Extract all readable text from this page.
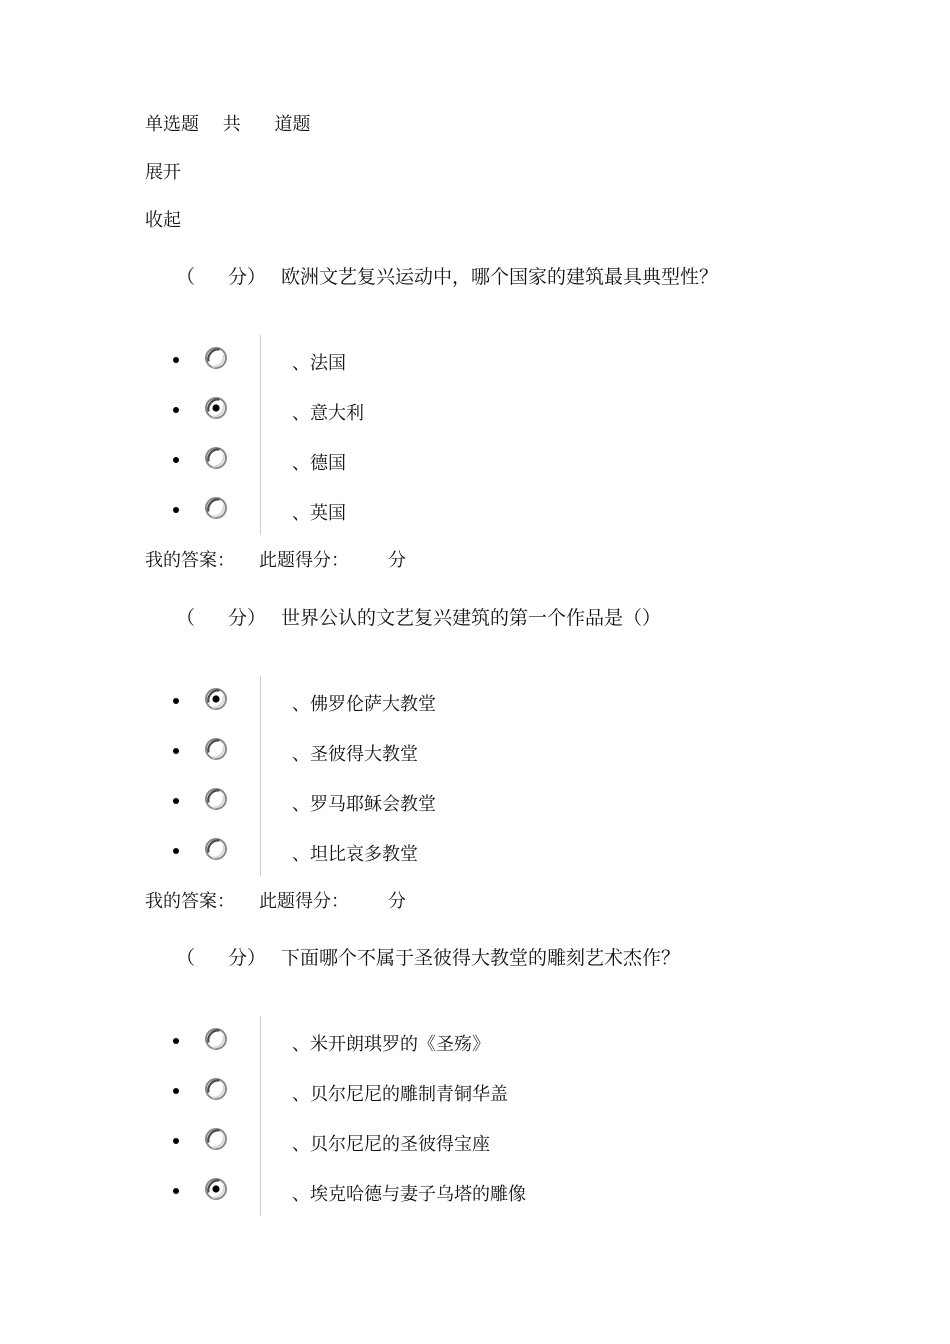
单选题 共 道题
展开
收起
（ 分） 欧洲文艺复兴运动中，哪个国家的建筑最具典型性？
、法国
、意大利
、德国
、英国
我的答案： 此题得分： 分
（ 分） 世界公认的文艺复兴建筑的第一个作品是（）
、佛罗伦萨大教堂
、圣彼得大教堂
、罗马耶稣会教堂
、坦比哀多教堂
我的答案： 此题得分： 分
（ 分） 下面哪个不属于圣彼得大教堂的雕刻艺术杰作？
、米开朗琪罗的《圣殇》
、贝尔尼尼的雕制青铜华盖
、贝尔尼尼的圣彼得宝座
、埃克哈德与妻子乌塔的雕像
